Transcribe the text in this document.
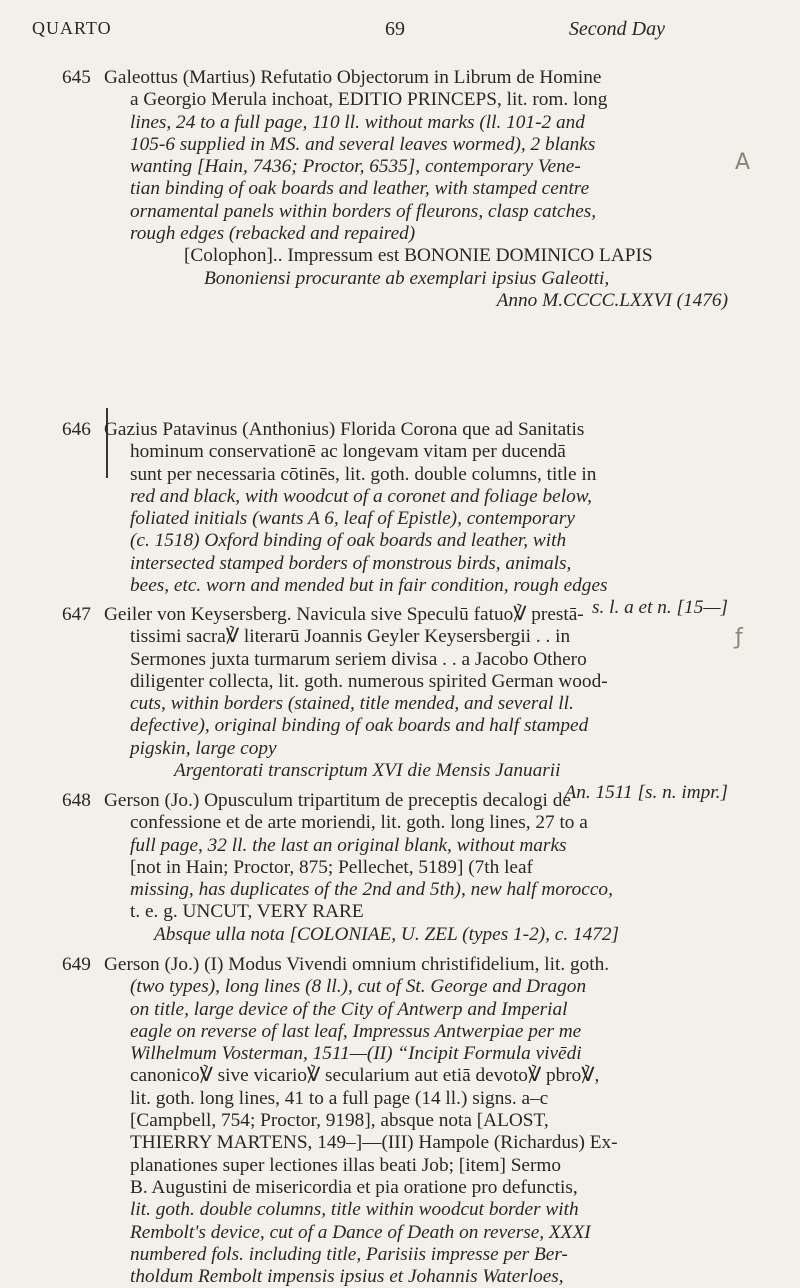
QUARTO	69	Second Day
645 Galeottus (Martius) Refutatio Objectorum in Librum de Homine
a Georgio Merula inchoat, EDITIO PRINCEPS, lit. rom. long
lines, 24 to a full page, 110 ll. without marks (ll. 101-2 and
105-6 supplied in MS. and several leaves wormed), 2 blanks
wanting [Hain, 7436; Proctor, 6535], contemporary Vene-
tian binding of oak boards and leather, with stamped centre
ornamental panels within borders of fleurons, clasp catches,
rough edges (rebacked and repaired)
[Colophon].. Impressum est BONONIE DOMINICO LAPIS
Bononiensi procurante ab exemplari ipsius Galeotti,
Anno M.CCCC.LXXVI (1476)
646 Gazius Patavinus (Anthonius) Florida Corona que ad Sanitatis
hominum conservationē ac longevam vitam per ducendā
sunt per necessaria cōtinēs, lit. goth. double columns, title in
red and black, with woodcut of a coronet and foliage below,
foliated initials (wants A 6, leaf of Epistle), contemporary
(c. 1518) Oxford binding of oak boards and leather, with
intersected stamped borders of monstrous birds, animals,
bees, etc. worn and mended but in fair condition, rough edges
s. l. a et n. [15—]
647 Geiler von Keysersberg. Navicula sive Speculū fatuo℣ prestā-
tissimi sacra℣ literarū Joannis Geyler Keysersbergii . . in
Sermones juxta turmarum seriem divisa . . a Jacobo Othero
diligenter collecta, lit. goth. numerous spirited German wood-
cuts, within borders (stained, title mended, and several ll.
defective), original binding of oak boards and half stamped
pigskin, large copy
Argentorati transcriptum XVI die Mensis Januarii
An. 1511 [s. n. impr.]
648 Gerson (Jo.) Opusculum tripartitum de preceptis decalogi de
confessione et de arte moriendi, lit. goth. long lines, 27 to a
full page, 32 ll. the last an original blank, without marks
[not in Hain; Proctor, 875; Pellechet, 5189] (7th leaf
missing, has duplicates of the 2nd and 5th), new half morocco,
t. e. g. UNCUT, VERY RARE
Absque ulla nota [COLONIAE, U. ZEL (types 1-2), c. 1472]
649 Gerson (Jo.) (I) Modus Vivendi omnium christifidelium, lit. goth.
(two types), long lines (8 ll.), cut of St. George and Dragon
on title, large device of the City of Antwerp and Imperial
eagle on reverse of last leaf, Impressus Antwerpiae per me
Wilhelmum Vosterman, 1511—(II) “Incipit Formula vivēdi
canonico℣ sive vicario℣ secularium aut etiā devoto℣ pbro℣,
lit. goth. long lines, 41 to a full page (14 ll.) signs. a–c
[Campbell, 754; Proctor, 9198], absque nota [ALOST,
THIERRY MARTENS, 149–]—(III) Hampole (Richardus) Ex-
planationes super lectiones illas beati Job; [item] Sermo
B. Augustini de misericordia et pia oratione pro defunctis,
lit. goth. double columns, title within woodcut border with
Rembolt's device, cut of a Dance of Death on reverse, XXXI
numbered fols. including title, Parisiis impresse per Ber-
tholdum Rembolt impensis ipsius et Johannis Waterloes,
A
ƒ
